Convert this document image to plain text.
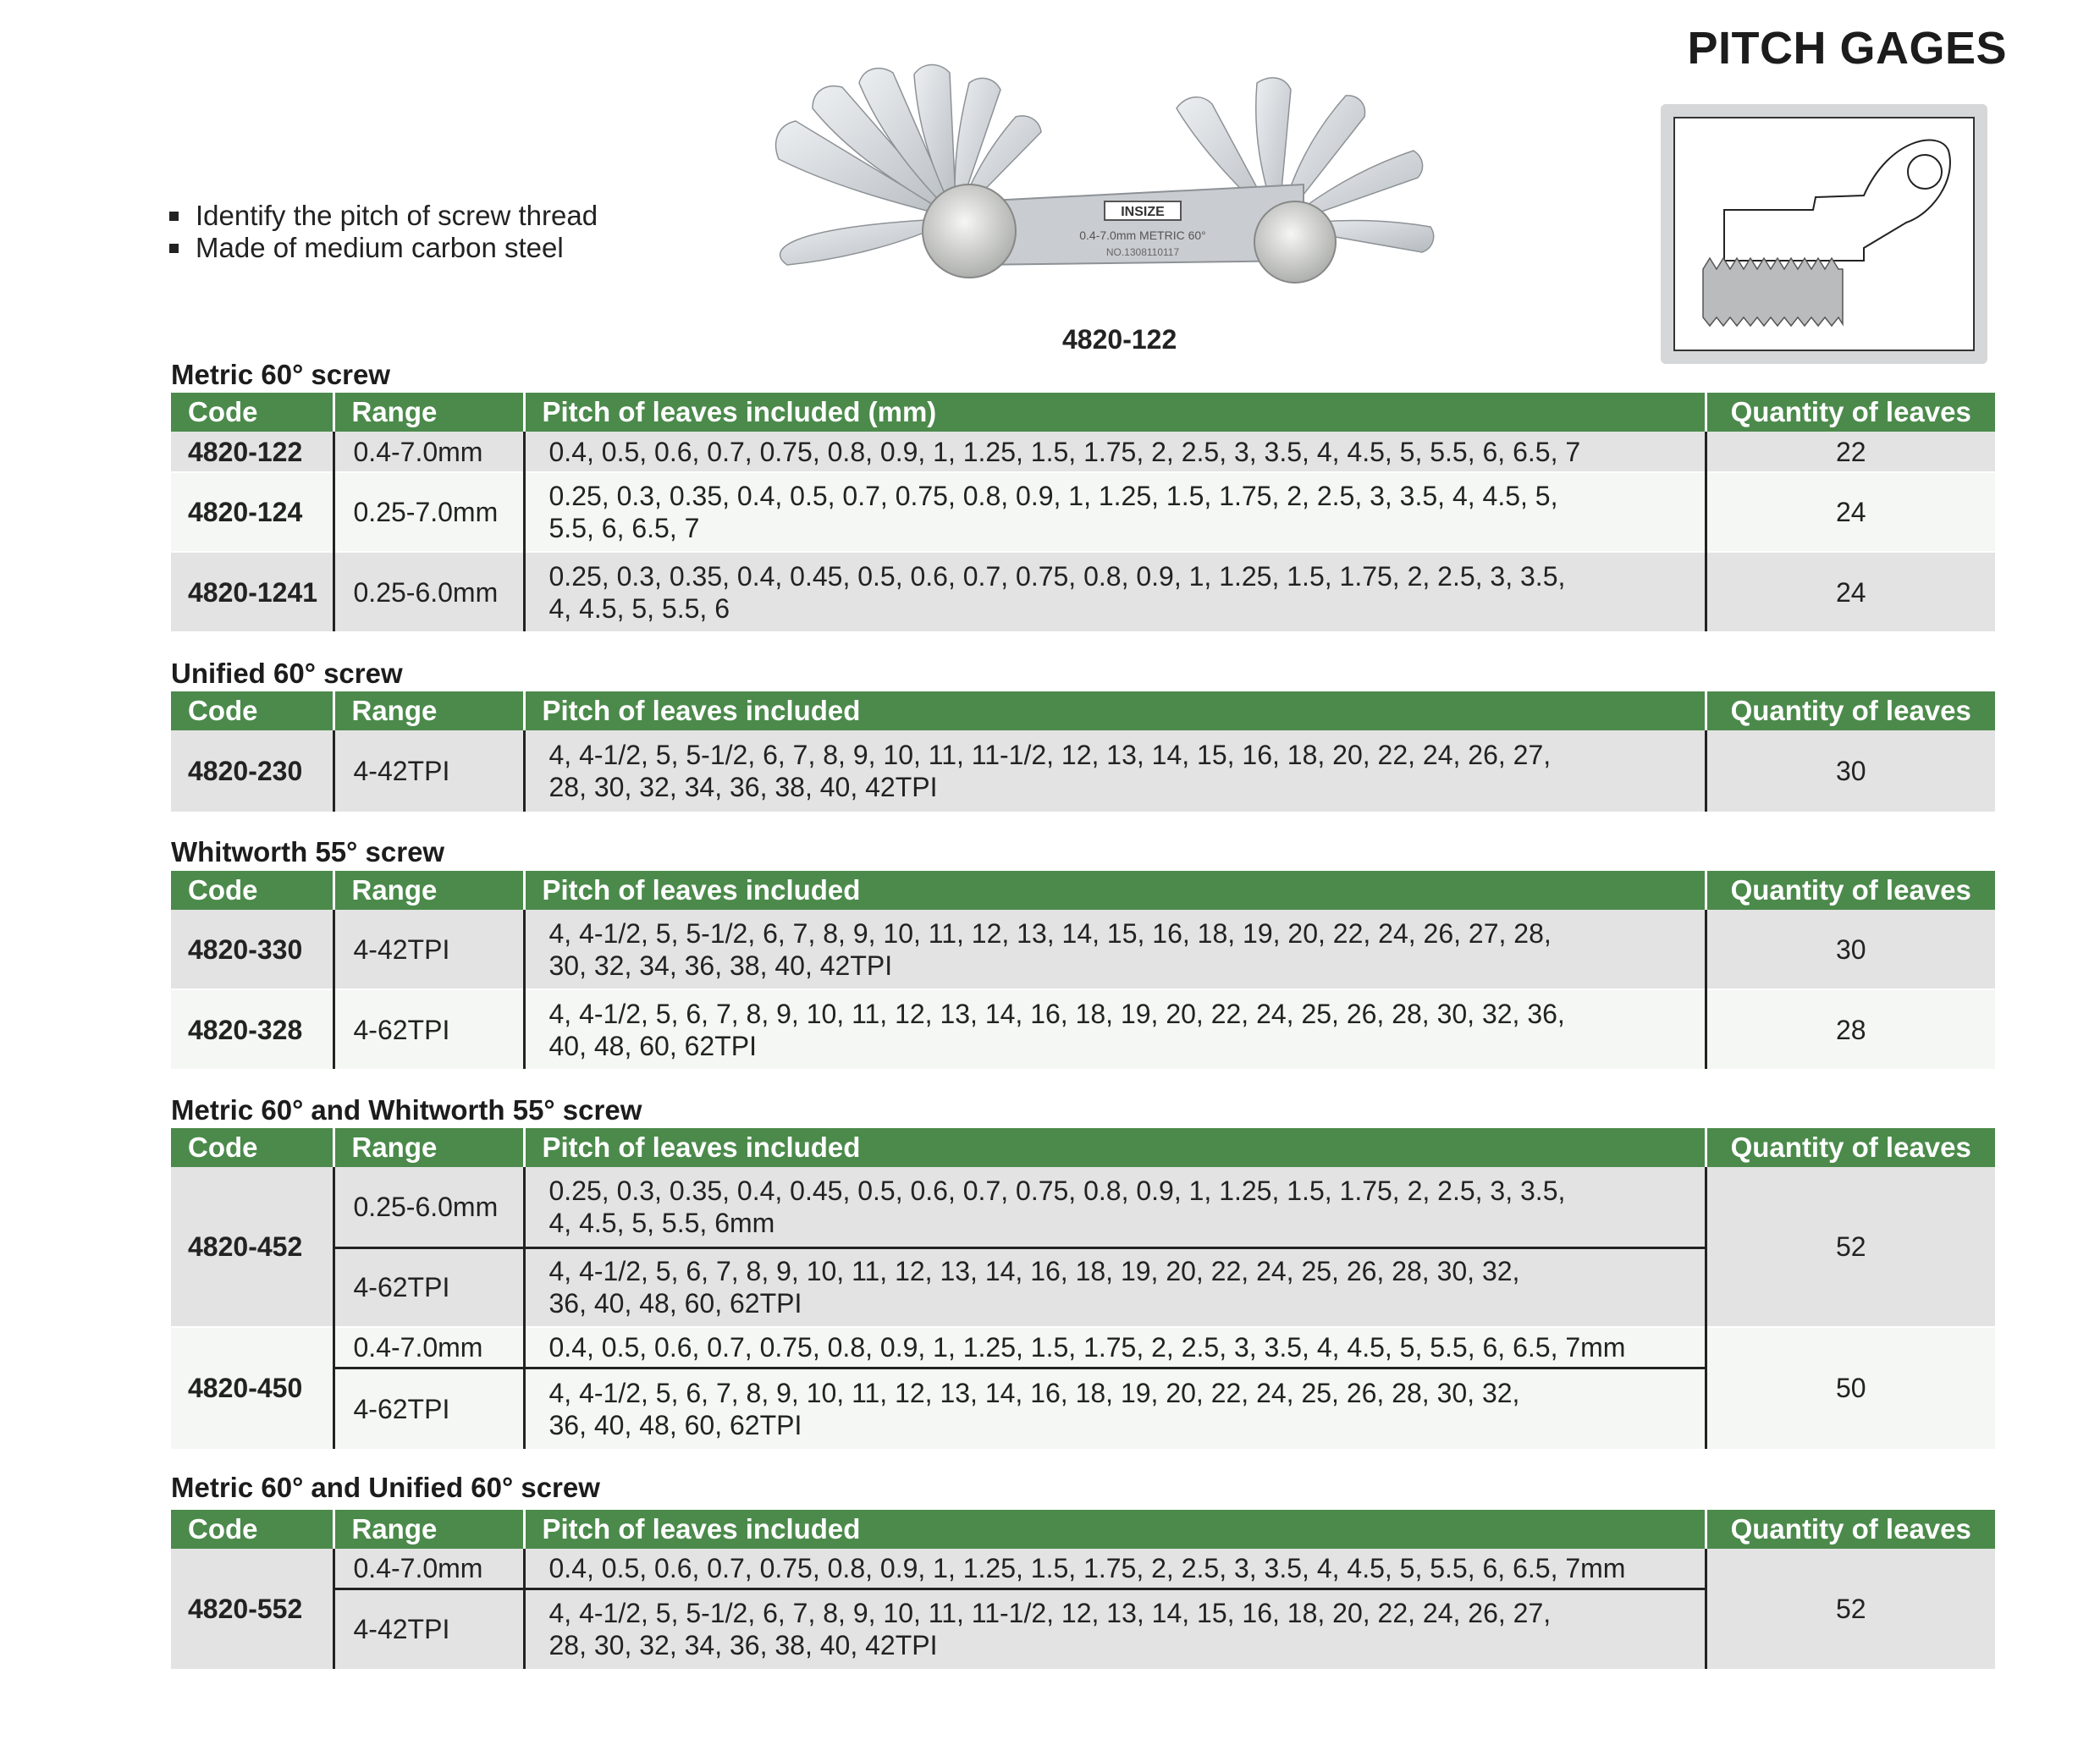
PITCH GAGES
Identify the pitch of screw thread
Made of medium carbon steel
INSIZE
0.4-7.0mm METRIC 60°
NO.1308110117
4820-122
Metric 60° screw
Code	Range	Pitch of leaves included (mm)	Quantity of leaves
4820-122	0.4-7.0mm	0.4, 0.5, 0.6, 0.7, 0.75, 0.8, 0.9, 1, 1.25, 1.5, 1.75, 2, 2.5, 3, 3.5, 4, 4.5, 5, 5.5, 6, 6.5, 7	22
4820-124	0.25-7.0mm	0.25, 0.3, 0.35, 0.4, 0.5, 0.7, 0.75, 0.8, 0.9, 1, 1.25, 1.5, 1.75, 2, 2.5, 3, 3.5, 4, 4.5, 5,
5.5, 6, 6.5, 7	24
4820-1241	0.25-6.0mm	0.25, 0.3, 0.35, 0.4, 0.45, 0.5, 0.6, 0.7, 0.75, 0.8, 0.9, 1, 1.25, 1.5, 1.75, 2, 2.5, 3, 3.5,
4, 4.5, 5, 5.5, 6	24
Unified 60° screw
Code	Range	Pitch of leaves included	Quantity of leaves
4820-230	4-42TPI	4, 4-1/2, 5, 5-1/2, 6, 7, 8, 9, 10, 11, 11-1/2, 12, 13, 14, 15, 16, 18, 20, 22, 24, 26, 27,
28, 30, 32, 34, 36, 38, 40, 42TPI	30
Whitworth 55° screw
Code	Range	Pitch of leaves included	Quantity of leaves
4820-330	4-42TPI	4, 4-1/2, 5, 5-1/2, 6, 7, 8, 9, 10, 11, 12, 13, 14, 15, 16, 18, 19, 20, 22, 24, 26, 27, 28,
30, 32, 34, 36, 38, 40, 42TPI	30
4820-328	4-62TPI	4, 4-1/2, 5, 6, 7, 8, 9, 10, 11, 12, 13, 14, 16, 18, 19, 20, 22, 24, 25, 26, 28, 30, 32, 36,
40, 48, 60, 62TPI	28
Metric 60° and Whitworth 55° screw
Code	Range	Pitch of leaves included	Quantity of leaves
4820-452	0.25-6.0mm	0.25, 0.3, 0.35, 0.4, 0.45, 0.5, 0.6, 0.7, 0.75, 0.8, 0.9, 1, 1.25, 1.5, 1.75, 2, 2.5, 3, 3.5,
4, 4.5, 5, 5.5, 6mm	52
	4-62TPI	4, 4-1/2, 5, 6, 7, 8, 9, 10, 11, 12, 13, 14, 16, 18, 19, 20, 22, 24, 25, 26, 28, 30, 32,
36, 40, 48, 60, 62TPI	

4820-450	0.4-7.0mm	0.4, 0.5, 0.6, 0.7, 0.75, 0.8, 0.9, 1, 1.25, 1.5, 1.75, 2, 2.5, 3, 3.5, 4, 4.5, 5, 5.5, 6, 6.5, 7mm	50
	4-62TPI	4, 4-1/2, 5, 6, 7, 8, 9, 10, 11, 12, 13, 14, 16, 18, 19, 20, 22, 24, 25, 26, 28, 30, 32,
36, 40, 48, 60, 62TPI	
Metric 60° and Unified 60° screw
Code	Range	Pitch of leaves included	Quantity of leaves
4820-552	0.4-7.0mm	0.4, 0.5, 0.6, 0.7, 0.75, 0.8, 0.9, 1, 1.25, 1.5, 1.75, 2, 2.5, 3, 3.5, 4, 4.5, 5, 5.5, 6, 6.5, 7mm	52
	4-42TPI	4, 4-1/2, 5, 5-1/2, 6, 7, 8, 9, 10, 11, 11-1/2, 12, 13, 14, 15, 16, 18, 20, 22, 24, 26, 27,
28, 30, 32, 34, 36, 38, 40, 42TPI	
